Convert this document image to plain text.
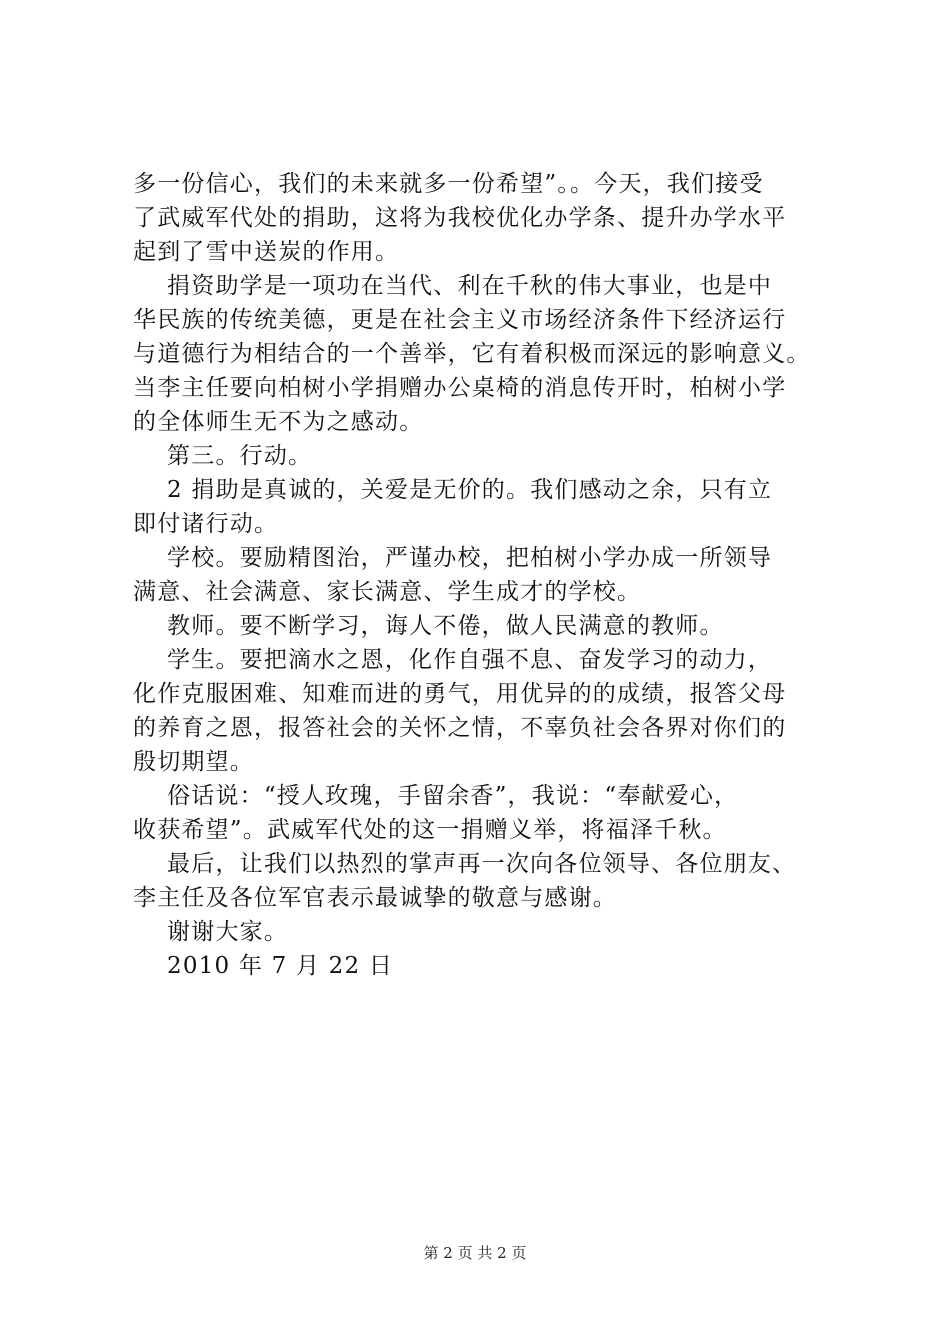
多一份信心，我们的未来就多一份希望”。。今天，我们接受
了武威军代处的捐助，这将为我校优化办学条、提升办学水平
起到了雪中送炭的作用。
捐资助学是一项功在当代、利在千秋的伟大事业，也是中
华民族的传统美德，更是在社会主义市场经济条件下经济运行
与道德行为相结合的一个善举，它有着积极而深远的影响意义。
当李主任要向柏树小学捐赠办公桌椅的消息传开时，柏树小学
的全体师生无不为之感动。
第三。行动。
2 捐助是真诚的，关爱是无价的。我们感动之余，只有立
即付诸行动。
学校。要励精图治，严谨办校，把柏树小学办成一所领导
满意、社会满意、家长满意、学生成才的学校。
教师。要不断学习，诲人不倦，做人民满意的教师。
学生。要把滴水之恩，化作自强不息、奋发学习的动力，
化作克服困难、知难而进的勇气，用优异的的成绩，报答父母
的养育之恩，报答社会的关怀之情，不辜负社会各界对你们的
殷切期望。
俗话说：“授人玫瑰，手留余香”，我说：“奉献爱心，
收获希望”。武威军代处的这一捐赠义举，将福泽千秋。
最后，让我们以热烈的掌声再一次向各位领导、各位朋友、
李主任及各位军官表示最诚挚的敬意与感谢。
谢谢大家。
2010 年 7 月 22 日
第 2 页 共 2 页
